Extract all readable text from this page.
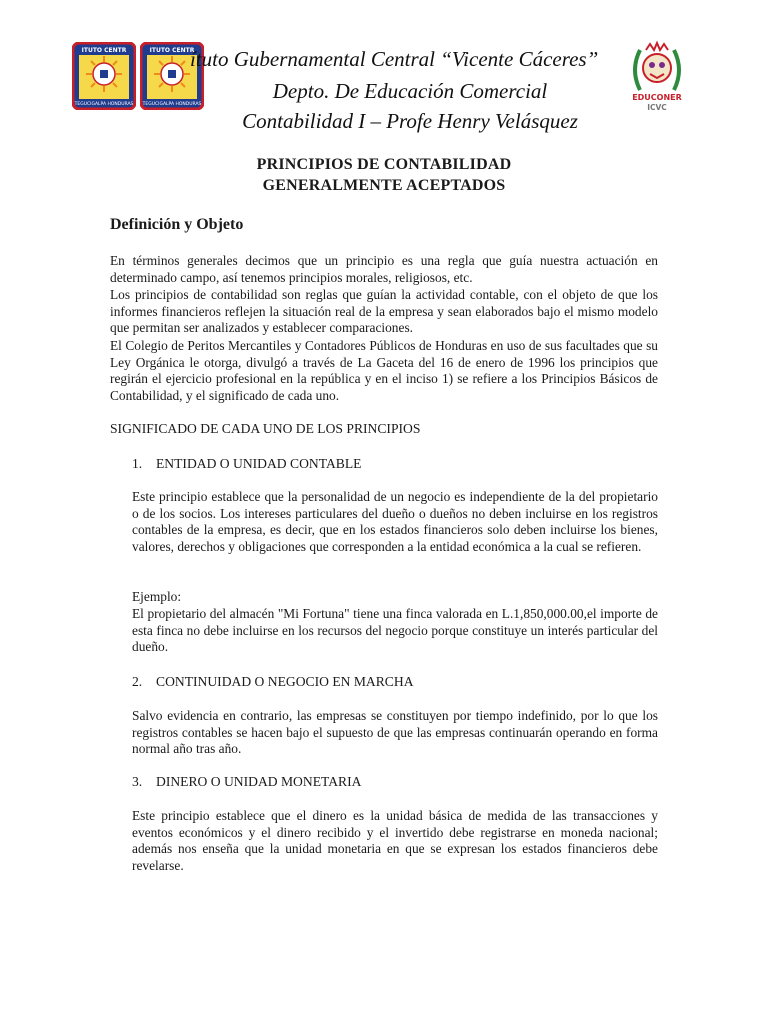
ITUTO CENTR
TEGUCIGALPA HONDURAS
ITUTO CENTR
TEGUCIGALPA HONDURAS
EDUCONER
ICVC
ítuto Gubernamental Central “Vicente Cáceres”
Depto. De Educación Comercial
Contabilidad I – Profe Henry Velásquez
PRINCIPIOS DE CONTABILIDAD
GENERALMENTE ACEPTADOS
Definición y Objeto

En términos generales decimos que un principio es una regla que guía nuestra actuación en determinado campo, así tenemos principios morales, religiosos, etc.

Los principios de contabilidad son reglas que guían la actividad contable, con el objeto de que los informes financieros reflejen la situación real de la empresa y sean elaborados bajo el mismo modelo que permitan ser analizados y establecer comparaciones.

El Colegio de Peritos Mercantiles y Contadores Públicos de Honduras en uso de sus facultades que su Ley Orgánica le otorga, divulgó a través de La Gaceta del 16 de enero de 1996 los principios que regirán el ejercicio profesional en la república y en el inciso 1) se refiere a los Principios Básicos de Contabilidad, y el significado de cada uno.

SIGNIFICADO DE CADA UNO DE LOS PRINCIPIOS
1. ENTIDAD O UNIDAD CONTABLE

Este principio establece que la personalidad de un negocio es independiente de la del propietario o de los socios. Los intereses particulares del dueño o dueños no deben incluirse en los registros contables de la empresa, es decir, que en los estados financieros solo deben incluirse los bienes, valores, derechos y obligaciones que corresponden a la entidad económica a la cual se refieren.

Ejemplo:

El propietario del almacén "Mi Fortuna" tiene una finca valorada en L.1,850,000.00,el importe de esta finca no debe incluirse en los recursos del negocio porque constituye un interés particular del dueño.

2. CONTINUIDAD O NEGOCIO EN MARCHA

Salvo evidencia en contrario, las empresas se constituyen por tiempo indefinido, por lo que los registros contables se hacen bajo el supuesto de que las empresas continuarán operando en forma normal año tras año.

3. DINERO O UNIDAD MONETARIA

Este principio establece que el dinero es la unidad básica de medida de las transacciones y eventos económicos y el dinero recibido y el invertido debe registrarse en moneda nacional; además nos enseña que la unidad monetaria en que se expresan los estados financieros debe revelarse.
